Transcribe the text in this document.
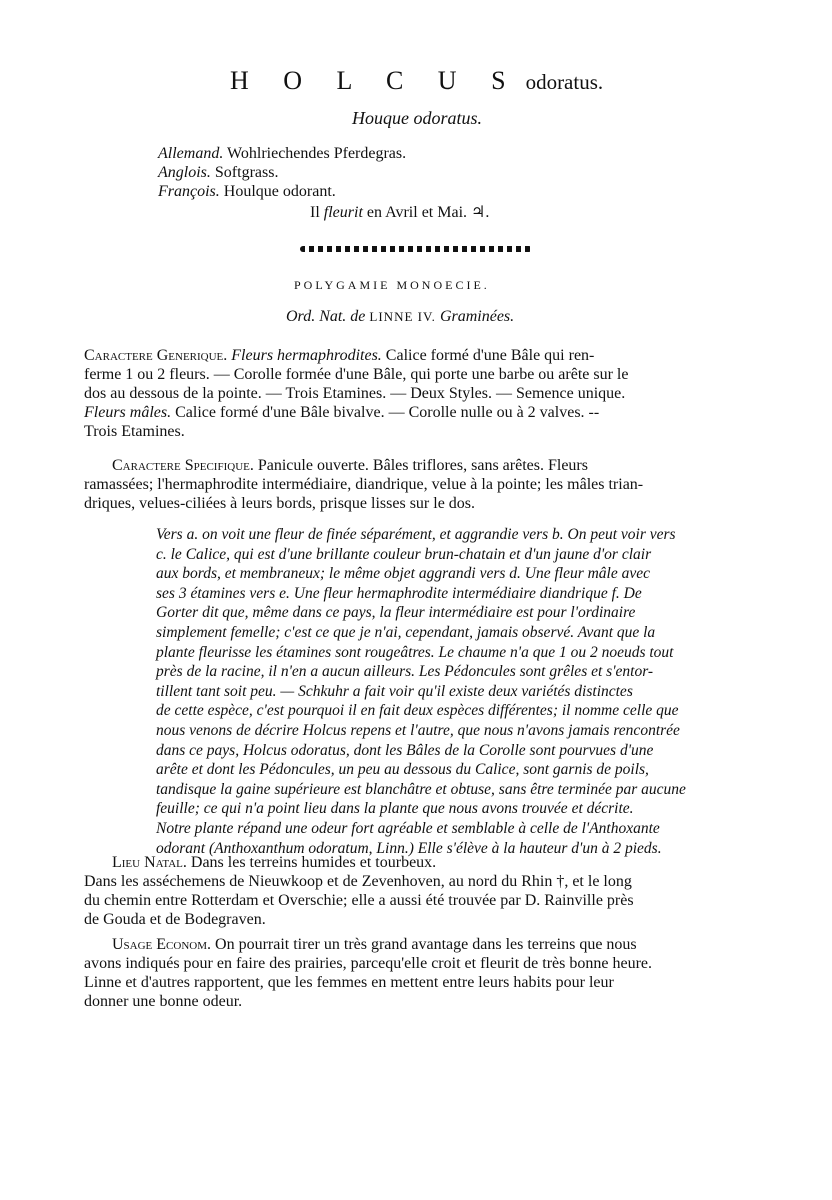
H O L C U S odoratus.
Houque odoratus.
Allemand. Wohlriechendes Pferdegras.
Anglois. Softgrass.
François. Houlque odorant.
Il fleurit en Avril et Mai. ♃.
POLYGAMIE MONOECIE.
Ord. Nat. de LINNE IV. Graminées.
Caractere Generique. Fleurs hermaphrodites. Calice formé d'une Bâle qui ren-
ferme 1 ou 2 fleurs. — Corolle formée d'une Bâle, qui porte une barbe ou arête sur le
dos au dessous de la pointe. — Trois Etamines. — Deux Styles. — Semence unique.
Fleurs mâles. Calice formé d'une Bâle bivalve. — Corolle nulle ou à 2 valves. --
Trois Etamines.
Caractere Specifique. Panicule ouverte. Bâles triflores, sans arêtes. Fleurs
ramassées; l'hermaphrodite intermédiaire, diandrique, velue à la pointe; les mâles trian-
driques, velues-ciliées à leurs bords, prisque lisses sur le dos.
Vers a. on voit une fleur de finée séparément, et aggrandie vers b. On peut voir vers
c. le Calice, qui est d'une brillante couleur brun-chatain et d'un jaune d'or clair
aux bords, et membraneux; le même objet aggrandi vers d. Une fleur mâle avec
ses 3 étamines vers e. Une fleur hermaphrodite intermédiaire diandrique f. De
Gorter dit que, même dans ce pays, la fleur intermédiaire est pour l'ordinaire
simplement femelle; c'est ce que je n'ai, cependant, jamais observé. Avant que la
plante fleurisse les étamines sont rougeâtres. Le chaume n'a que 1 ou 2 noeuds tout
près de la racine, il n'en a aucun ailleurs. Les Pédoncules sont grêles et s'entor-
tillent tant soit peu. — Schkuhr a fait voir qu'il existe deux variétés distinctes
de cette espèce, c'est pourquoi il en fait deux espèces différentes; il nomme celle que
nous venons de décrire Holcus repens et l'autre, que nous n'avons jamais rencontrée
dans ce pays, Holcus odoratus, dont les Bâles de la Corolle sont pourvues d'une
arête et dont les Pédoncules, un peu au dessous du Calice, sont garnis de poils,
tandisque la gaine supérieure est blanchâtre et obtuse, sans être terminée par aucune
feuille; ce qui n'a point lieu dans la plante que nous avons trouvée et décrite.
Notre plante répand une odeur fort agréable et semblable à celle de l'Anthoxante
odorant (Anthoxanthum odoratum, Linn.) Elle s'élève à la hauteur d'un à 2 pieds.
Lieu Natal. Dans les terreins humides et tourbeux.
Dans les asséchemens de Nieuwkoop et de Zevenhoven, au nord du Rhin †, et le long
du chemin entre Rotterdam et Overschie; elle a aussi été trouvée par D. Rainville près
de Gouda et de Bodegraven.
Usage Econom. On pourrait tirer un très grand avantage dans les terreins que nous
avons indiqués pour en faire des prairies, parcequ'elle croit et fleurit de très bonne heure.
Linne et d'autres rapportent, que les femmes en mettent entre leurs habits pour leur
donner une bonne odeur.
